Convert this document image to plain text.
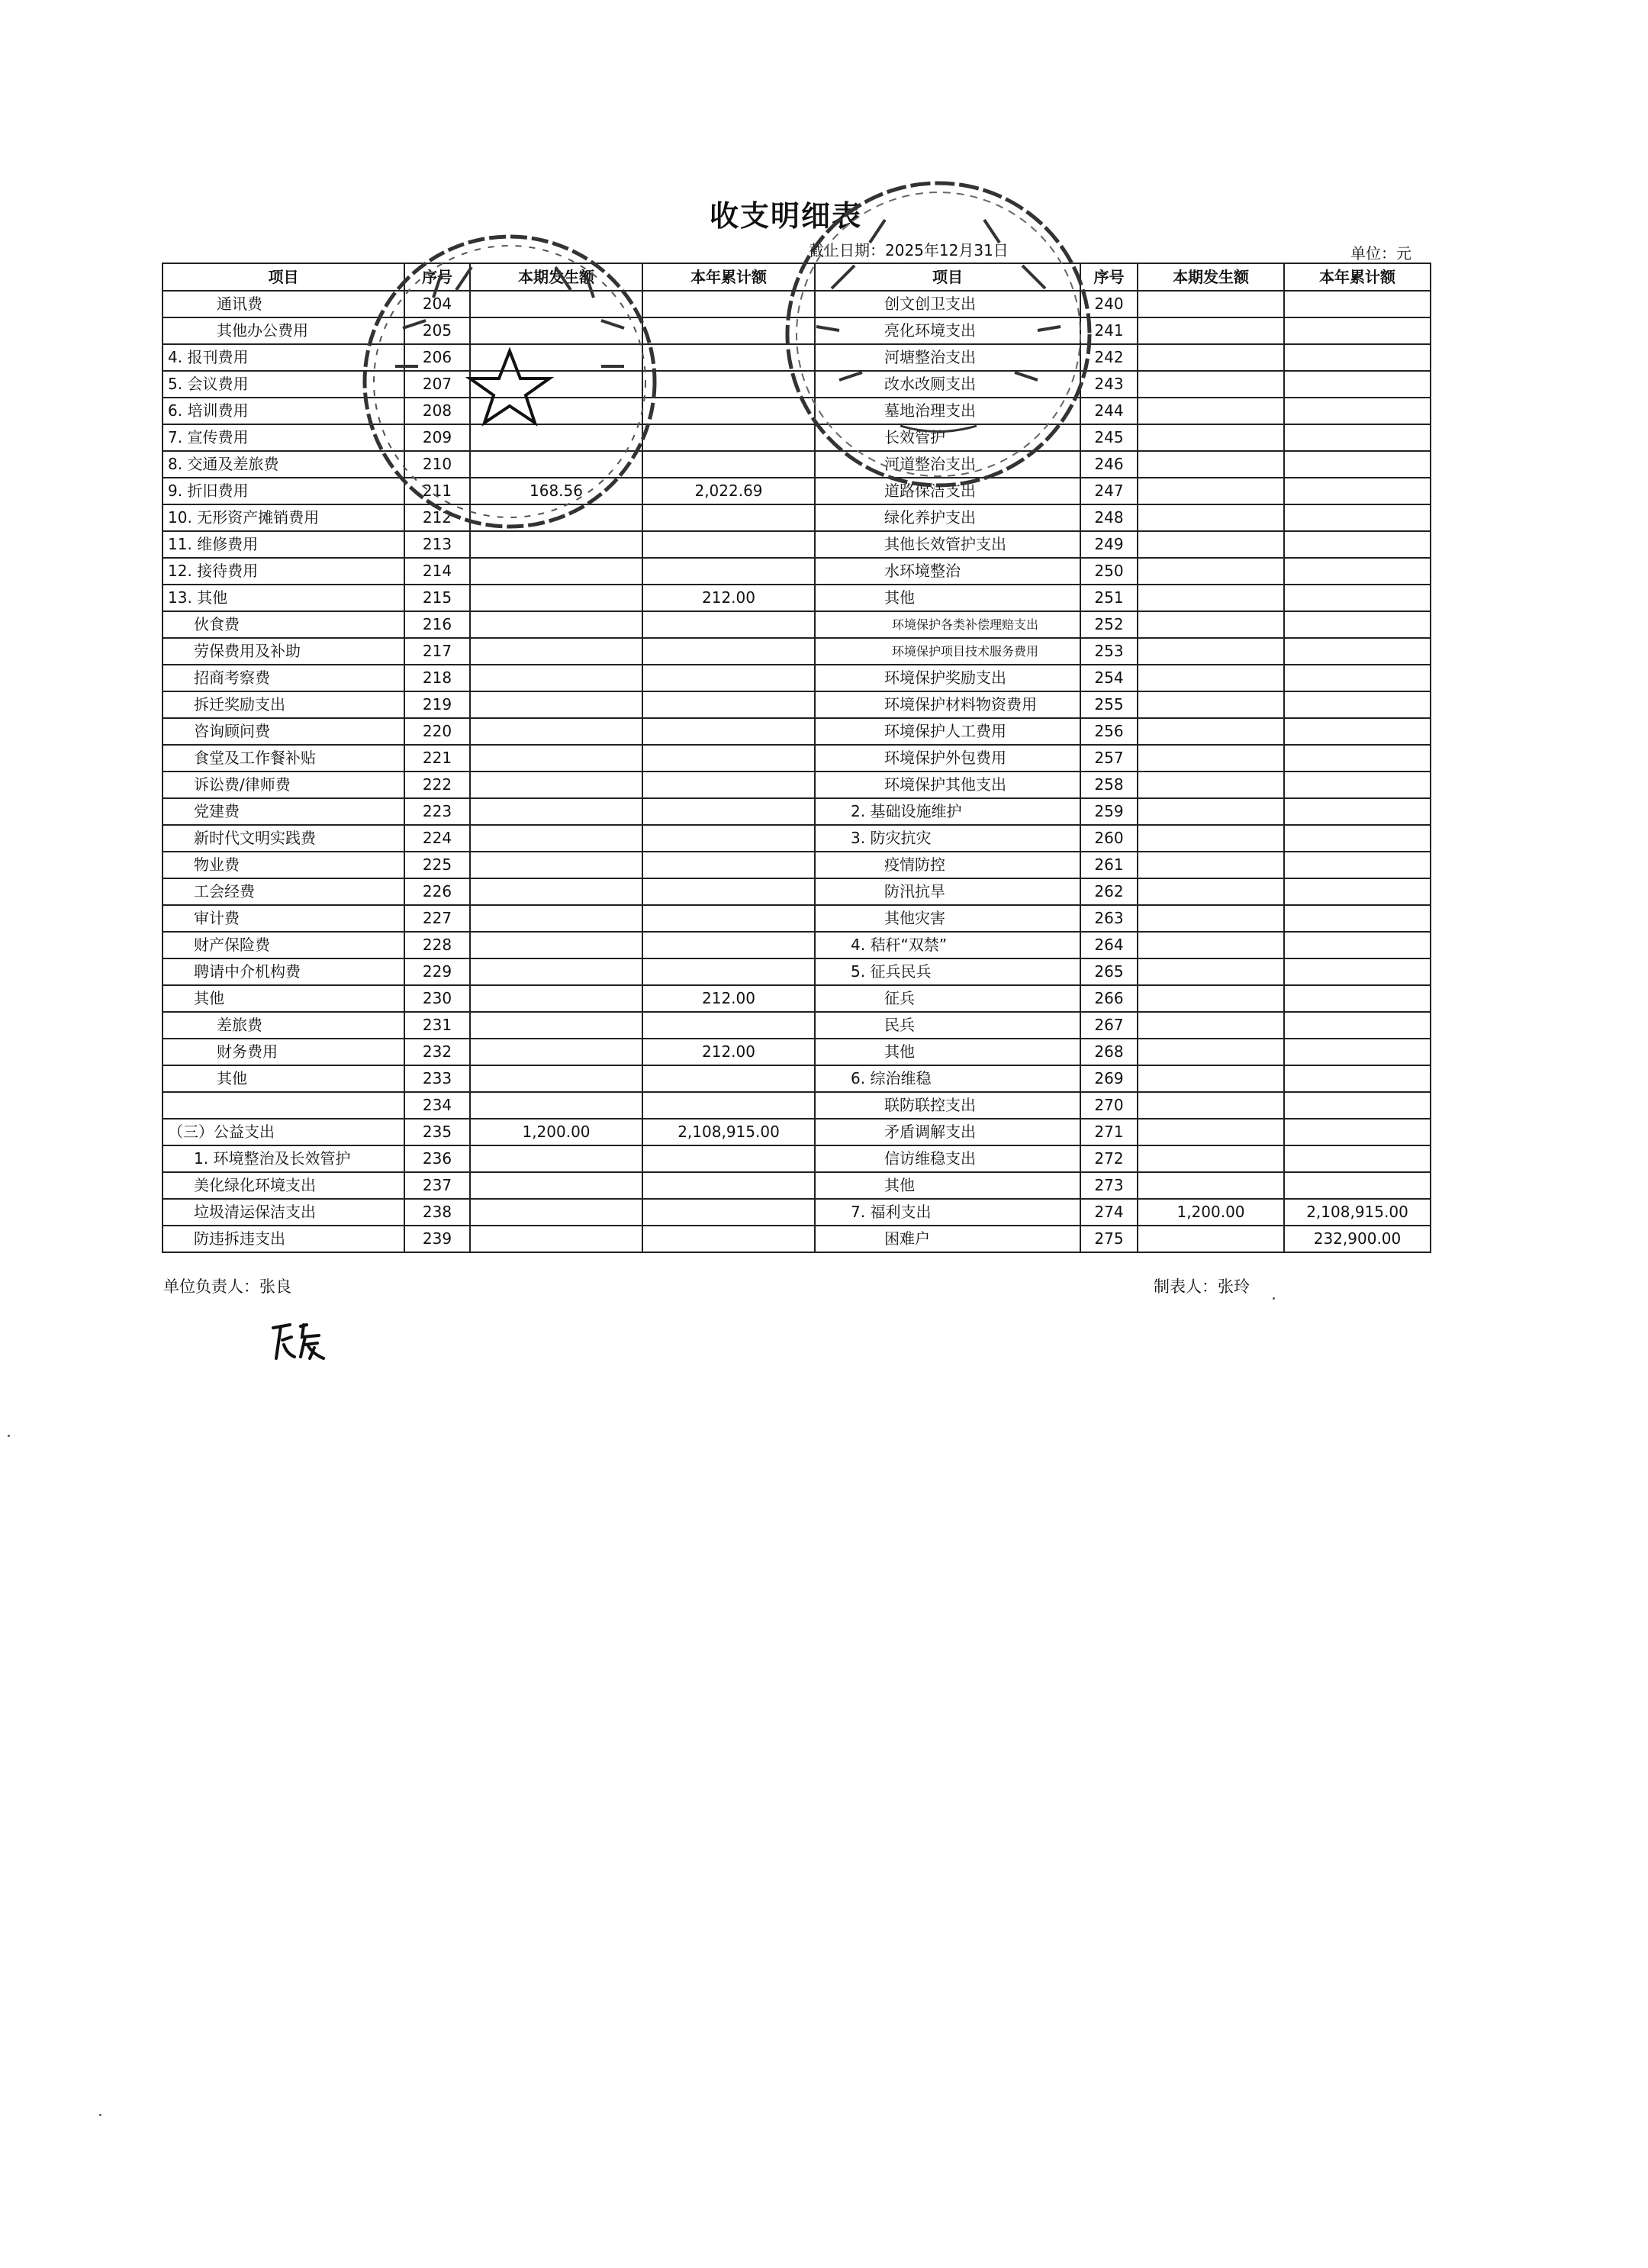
收支明细表
截止日期：2025年12月31日	单位：元
项目	序号	本期发生额	本年累计额	项目	序号	本期发生额	本年累计额
通讯费	204			创文创卫支出	240		
其他办公费用	205			亮化环境支出	241		
4. 报刊费用	206			河塘整治支出	242		
5. 会议费用	207			改水改厕支出	243		
6. 培训费用	208			墓地治理支出	244		
7. 宣传费用	209			长效管护	245		
8. 交通及差旅费	210			河道整治支出	246		
9. 折旧费用	211	168.56	2,022.69	道路保洁支出	247		
10. 无形资产摊销费用	212			绿化养护支出	248		
11. 维修费用	213			其他长效管护支出	249		
12. 接待费用	214			水环境整治	250		
13. 其他	215		212.00	其他	251		
伙食费	216			环境保护各类补偿理赔支出	252		
劳保费用及补助	217			环境保护项目技术服务费用	253		
招商考察费	218			环境保护奖励支出	254		
拆迁奖励支出	219			环境保护材料物资费用	255		
咨询顾问费	220			环境保护人工费用	256		
食堂及工作餐补贴	221			环境保护外包费用	257		
诉讼费/律师费	222			环境保护其他支出	258		
党建费	223			2. 基础设施维护	259		
新时代文明实践费	224			3. 防灾抗灾	260		
物业费	225			疫情防控	261		
工会经费	226			防汛抗旱	262		
审计费	227			其他灾害	263		
财产保险费	228			4. 秸秆“双禁”	264		
聘请中介机构费	229			5. 征兵民兵	265		
其他	230		212.00	征兵	266		
差旅费	231			民兵	267		
财务费用	232		212.00	其他	268		
其他	233			6. 综治维稳	269		
	234			联防联控支出	270		
（三）公益支出	235	1,200.00	2,108,915.00	矛盾调解支出	271		
1. 环境整治及长效管护	236			信访维稳支出	272		
美化绿化环境支出	237			其他	273		
垃圾清运保洁支出	238			7. 福利支出	274	1,200.00	2,108,915.00
防违拆违支出	239			困难户	275		232,900.00
单位负责人：张良	制表人：张玲
